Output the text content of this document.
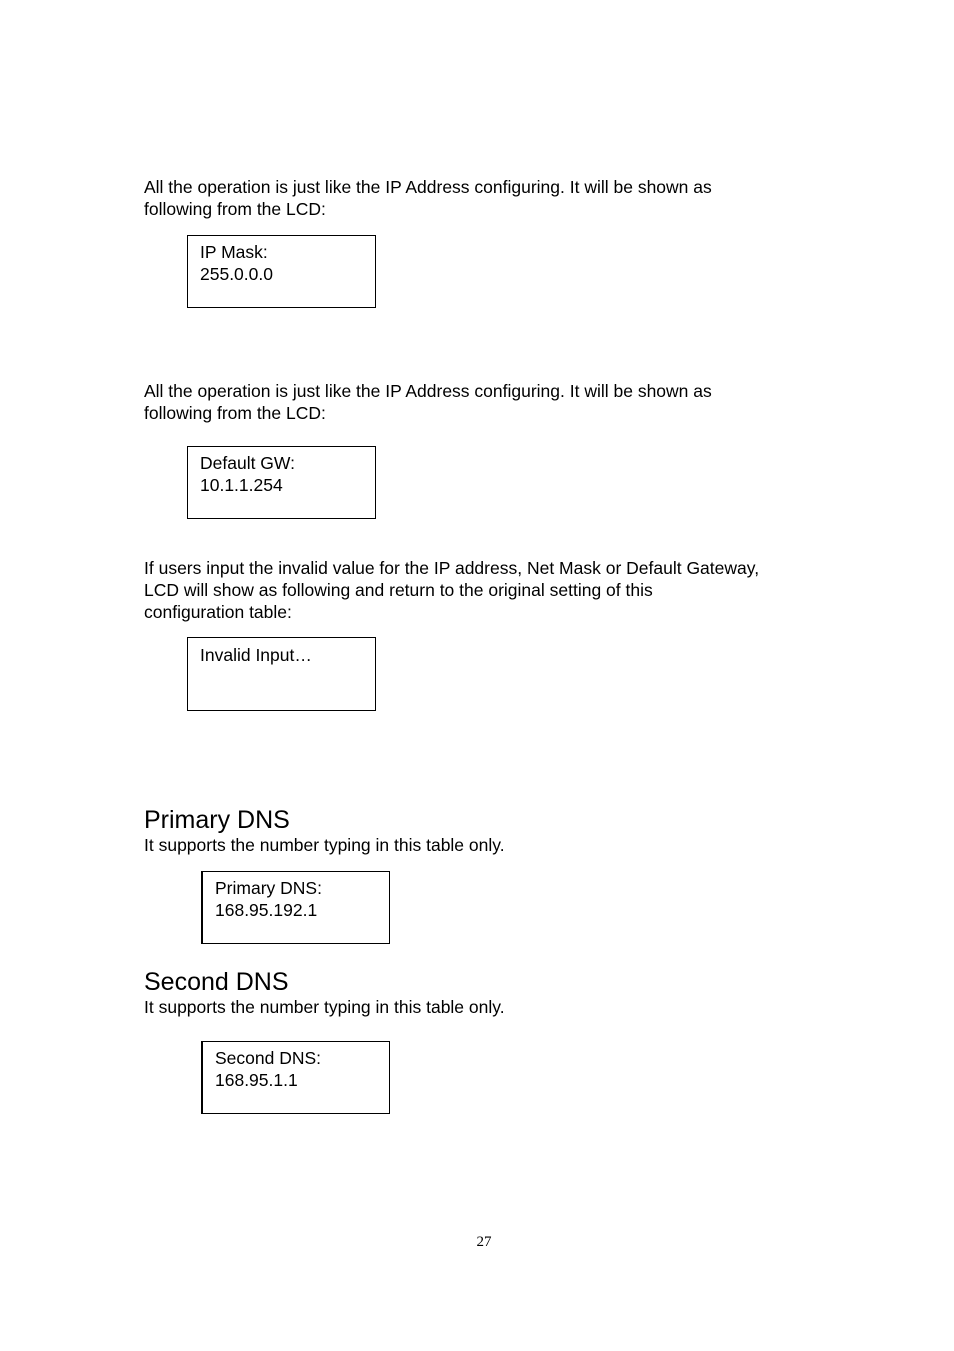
All the operation is just like the IP Address configuring. It will be shown as
following from the LCD:

IP Mask:
255.0.0.0

All the operation is just like the IP Address configuring. It will be shown as
following from the LCD:

Default GW:
10.1.1.254

If users input the invalid value for the IP address, Net Mask or Default Gateway,
LCD will show as following and return to the original setting of this
configuration table:

Invalid Input…
Primary DNS

It supports the number typing in this table only.

Primary DNS:
168.95.192.1
Second DNS

It supports the number typing in this table only.

Second DNS:
168.95.1.1
27
